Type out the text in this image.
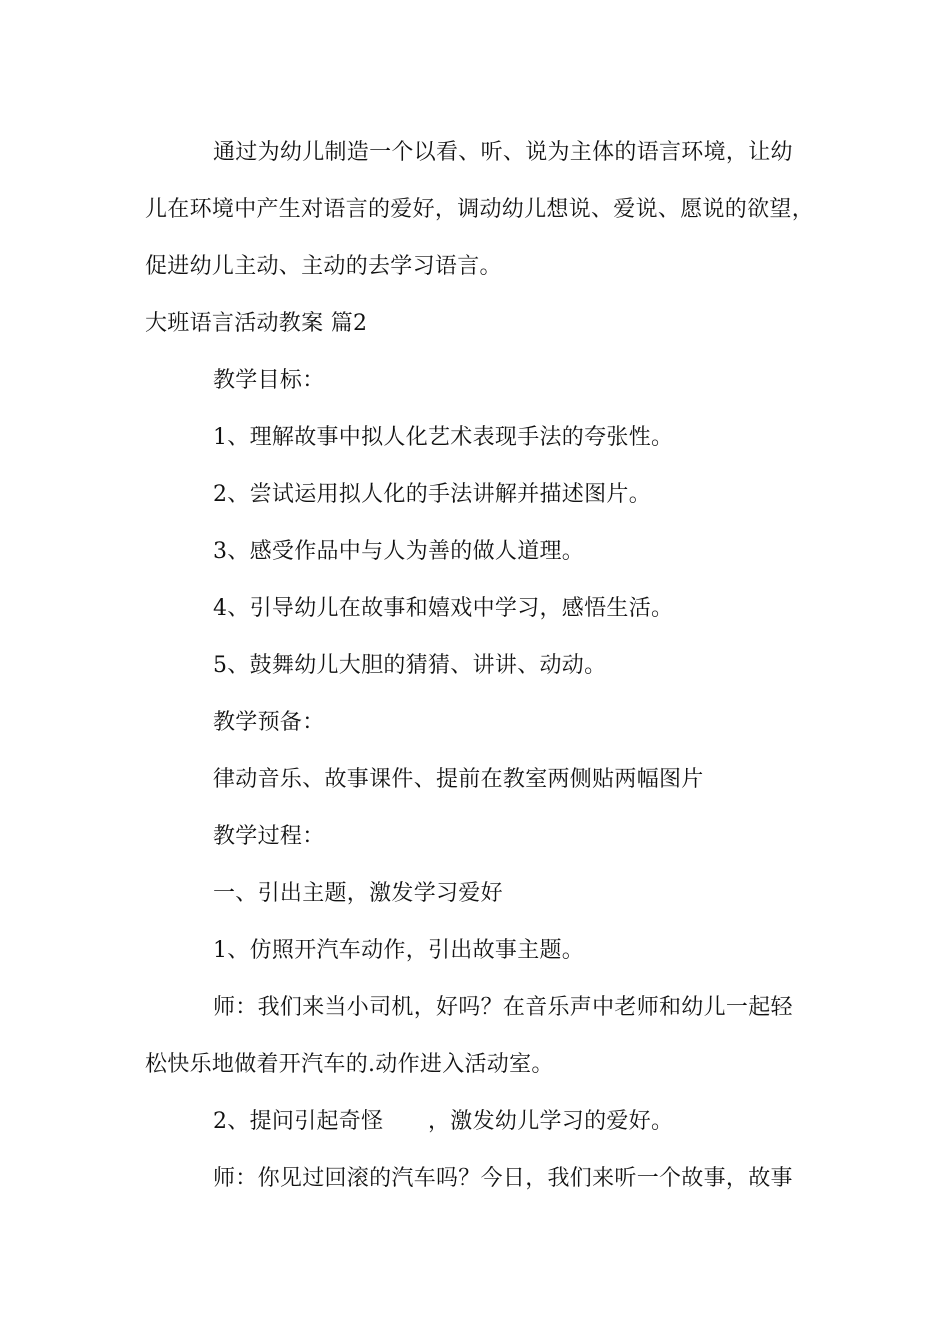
通过为幼儿制造一个以看、听、说为主体的语言环境，让幼
儿在环境中产生对语言的爱好，调动幼儿想说、爱说、愿说的欲望，
促进幼儿主动、主动的去学习语言。
大班语言活动教案 篇2
教学目标：
1、理解故事中拟人化艺术表现手法的夸张性。
2、尝试运用拟人化的手法讲解并描述图片。
3、感受作品中与人为善的做人道理。
4、引导幼儿在故事和嬉戏中学习，感悟生活。
5、鼓舞幼儿大胆的猜猜、讲讲、动动。
教学预备：
律动音乐、故事课件、提前在教室两侧贴两幅图片
教学过程：
一、引出主题，激发学习爱好
1、仿照开汽车动作，引出故事主题。
师：我们来当小司机，好吗？在音乐声中老师和幼儿一起轻
松快乐地做着开汽车的.动作进入活动室。
2、提问引起奇怪　　，激发幼儿学习的爱好。
师：你见过回滚的汽车吗？今日，我们来听一个故事，故事
